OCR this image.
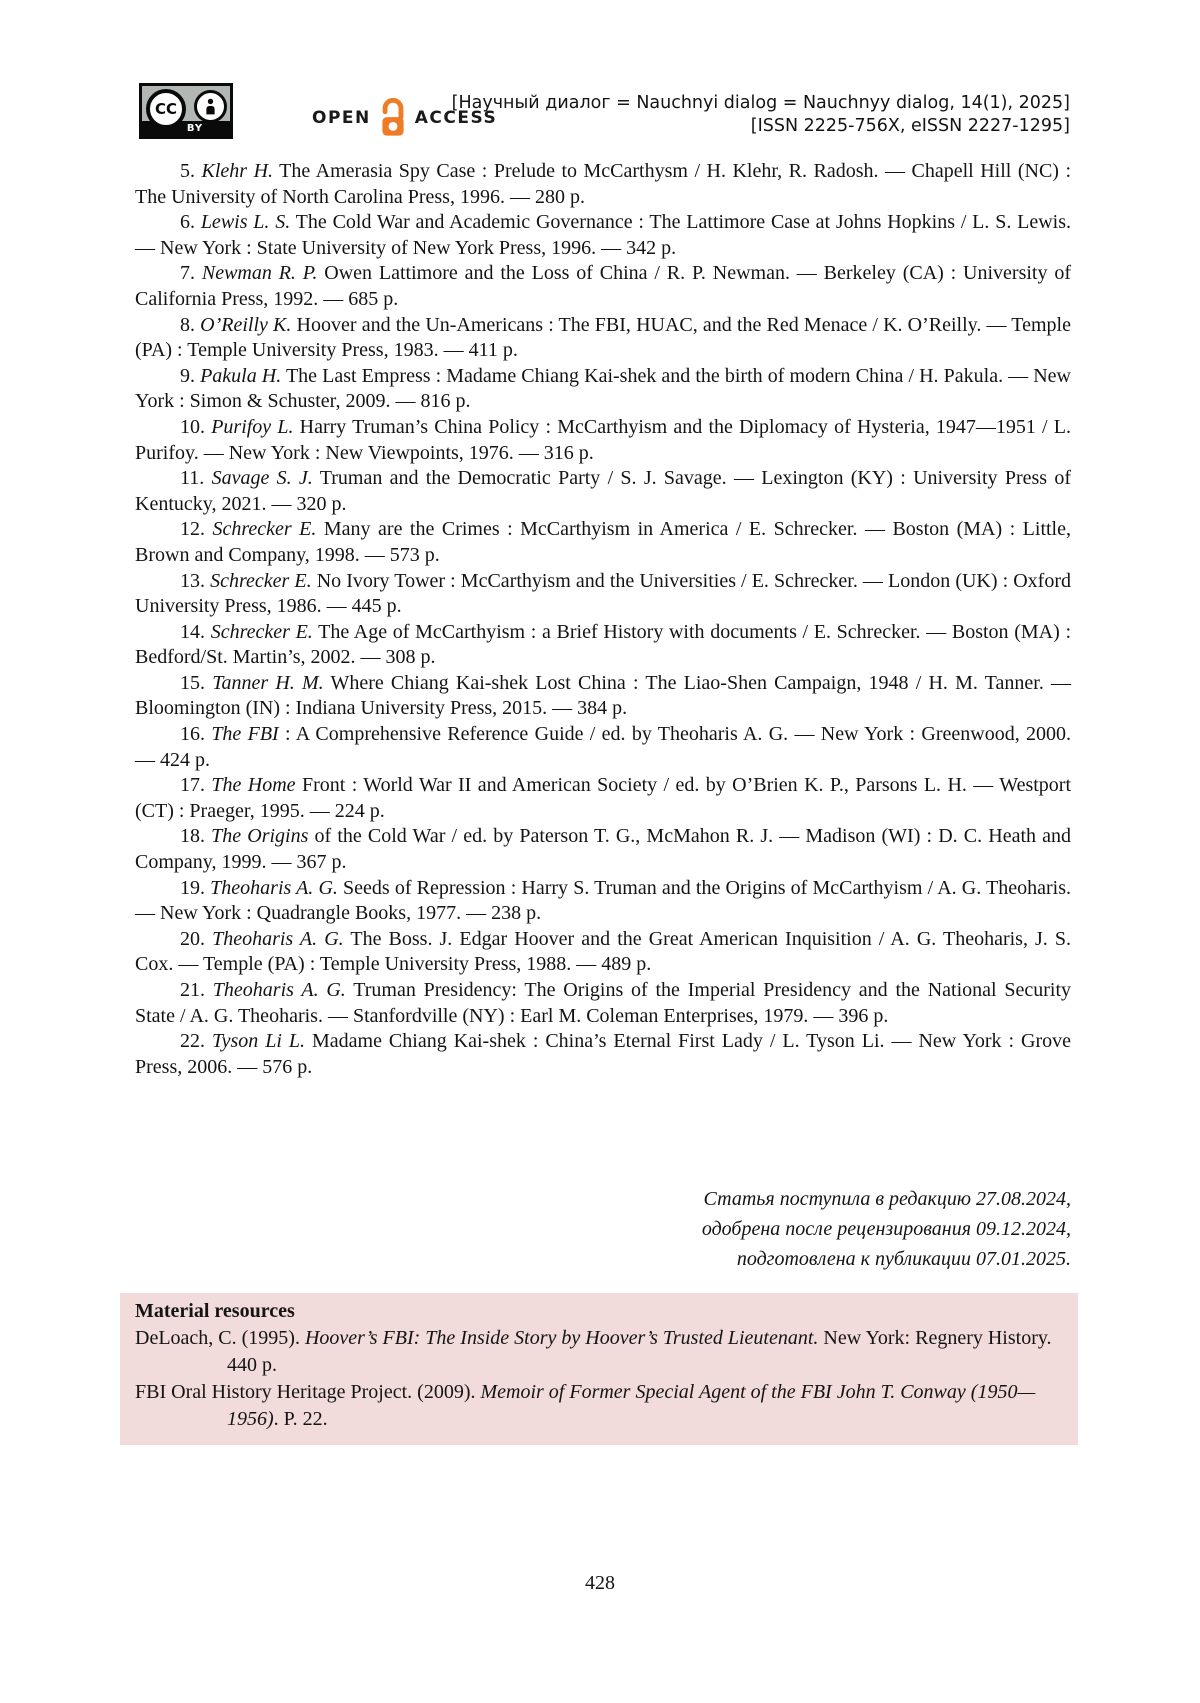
CC
BY
OPEN	ACCESS
[Научный диалог = Nauchnyi dialog = Nauchnyy dialog, 14(1), 2025]
[ISSN 2225-756X, eISSN 2227-1295]

5. Klehr H. The Amerasia Spy Case : Prelude to McCarthysm / H. Klehr, R. Radosh. — Chapell Hill (NC) : The University of North Carolina Press, 1996. — 280 p.

6. Lewis L. S. The Cold War and Academic Governance : The Lattimore Case at Johns Hopkins / L. S. Lewis. — New York : State University of New York Press, 1996. — 342 p.

7. Newman R. P. Owen Lattimore and the Loss of China / R. P. Newman. — Berkeley (CA) : University of California Press, 1992. — 685 p.

8. O’Reilly K. Hoover and the Un-Americans : The FBI, HUAC, and the Red Menace / K. O’Reilly. — Temple (PA) : Temple University Press, 1983. — 411 p.

9. Pakula H. The Last Empress : Madame Chiang Kai-shek and the birth of modern China / H. Pakula. — New York : Simon & Schuster, 2009. — 816 p.

10. Purifoy L. Harry Truman’s China Policy : McCarthyism and the Diplomacy of Hysteria, 1947—1951 / L. Purifoy. — New York : New Viewpoints, 1976. — 316 p.

11. Savage S. J. Truman and the Democratic Party / S. J. Savage. — Lexington (KY) : University Press of Kentucky, 2021. — 320 p.

12. Schrecker E. Many are the Crimes : McCarthyism in America / E. Schrecker. — Boston (MA) : Little, Brown and Company, 1998. — 573 p.

13. Schrecker E. No Ivory Tower : McCarthyism and the Universities / E. Schrecker. — London (UK) : Oxford University Press, 1986. — 445 p.

14. Schrecker E. The Age of McCarthyism : a Brief History with documents / E. Schrecker. — Boston (MA) : Bedford/St. Martin’s, 2002. — 308 p.

15. Tanner H. M. Where Chiang Kai-shek Lost China : The Liao-Shen Campaign, 1948 / H. M. Tanner. — Bloomington (IN) : Indiana University Press, 2015. — 384 p.

16. The FBI : A Comprehensive Reference Guide / ed. by Theoharis A. G. — New York : Greenwood, 2000. — 424 p.

17. The Home Front : World War II and American Society / ed. by O’Brien K. P., Parsons L. H. — Westport (CT) : Praeger, 1995. — 224 p.

18. The Origins of the Cold War / ed. by Paterson T. G., McMahon R. J. — Madison (WI) : D. C. Heath and Company, 1999. — 367 p.

19. Theoharis A. G. Seeds of Repression : Harry S. Truman and the Origins of McCarthyism / A. G. Theoharis. — New York : Quadrangle Books, 1977. — 238 p.

20. Theoharis A. G. The Boss. J. Edgar Hoover and the Great American Inquisition / A. G. Theoharis, J. S. Cox. — Temple (PA) : Temple University Press, 1988. — 489 p.

21. Theoharis A. G. Truman Presidency: The Origins of the Imperial Presidency and the National Security State / A. G. Theoharis. — Stanfordville (NY) : Earl M. Coleman Enterprises, 1979. — 396 p.

22. Tyson Li L. Madame Chiang Kai-shek : China’s Eternal First Lady / L. Tyson Li. — New York : Grove Press, 2006. — 576 p.

Статья поступила в редакцию 27.08.2024,
одобрена после рецензирования 09.12.2024,
подготовлена к публикации 07.01.2025.

Material resources

DeLoach, C. (1995). Hoover’s FBI: The Inside Story by Hoover’s Trusted Lieutenant. New York: Regnery History. 440 p.

FBI Oral History Heritage Project. (2009). Memoir of Former Special Agent of the FBI John T. Conway (1950—1956). P. 22.

428
